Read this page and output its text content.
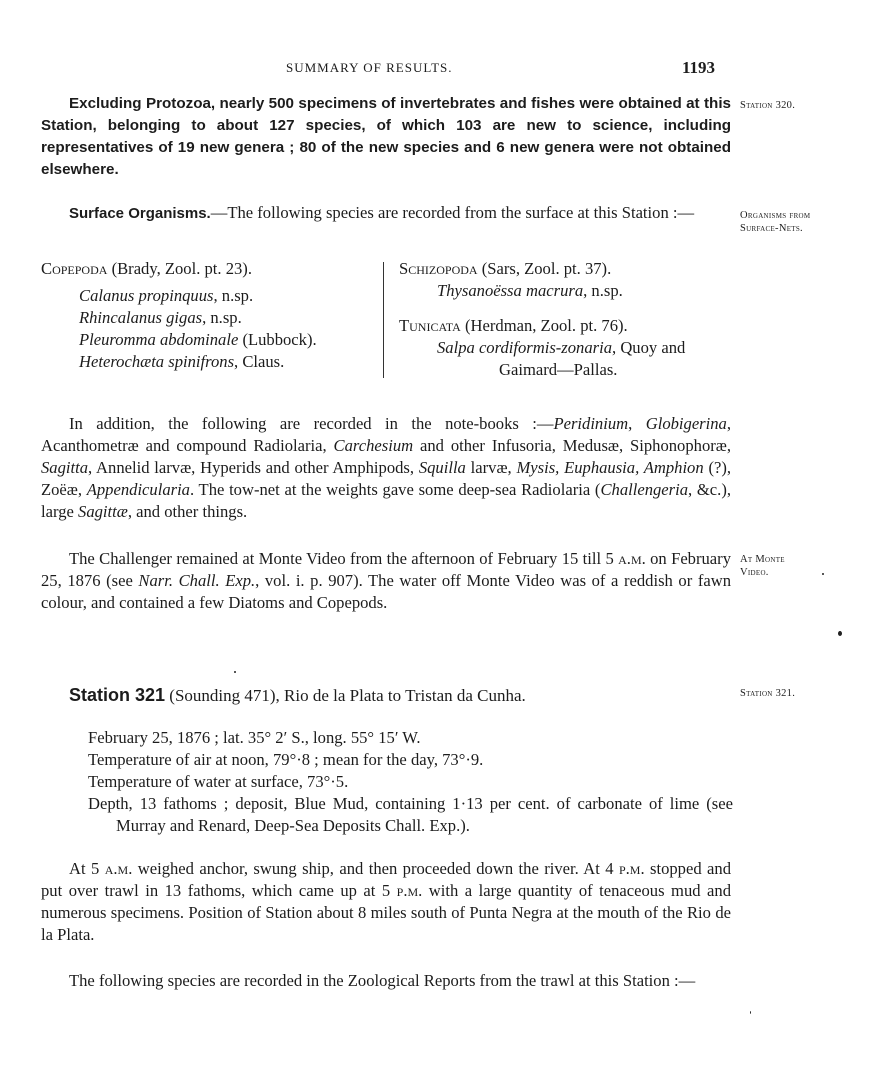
SUMMARY OF RESULTS.	1193
Station 320.

Excluding Protozoa, nearly 500 specimens of invertebrates and fishes were obtained at this Station, belonging to about 127 species, of which 103 are new to science, including representatives of 19 new genera ; 80 of the new species and 6 new genera were not obtained elsewhere.

Organisms from
Surface-Nets.

Surface Organisms.—The following species are recorded from the surface at this Station :—

Copepoda (Brady, Zool. pt. 23).
Calanus propinquus, n.sp.
Rhincalanus gigas, n.sp.
Pleuromma abdominale (Lubbock).
Heterochæta spinifrons, Claus.
Schizopoda (Sars, Zool. pt. 37).
Thysanoëssa macrura, n.sp.
Tunicata (Herdman, Zool. pt. 76).
Salpa cordiformis-zonaria, Quoy and
Gaimard—Pallas.

In addition, the following are recorded in the note-books :—Peridinium, Globigerina, Acanthometræ and compound Radiolaria, Carchesium and other Infusoria, Medusæ, Siphonophoræ, Sagitta, Annelid larvæ, Hyperids and other Amphipods, Squilla larvæ, Mysis, Euphausia, Amphion (?), Zoëæ, Appendicularia. The tow-net at the weights gave some deep-sea Radiolaria (Challengeria, &c.), large Sagittæ, and other things.

At Monte
Video.

The Challenger remained at Monte Video from the afternoon of February 15 till 5 a.m. on February 25, 1876 (see Narr. Chall. Exp., vol. i. p. 907). The water off Monte Video was of a reddish or fawn colour, and contained a few Diatoms and Copepods.

Station 321.
Station 321 (Sounding 471), Rio de la Plata to Tristan da Cunha.
February 25, 1876 ; lat. 35° 2′ S., long. 55° 15′ W.
Temperature of air at noon, 79°·8 ; mean for the day, 73°·9.
Temperature of water at surface, 73°·5.
Depth, 13 fathoms ; deposit, Blue Mud, containing 1·13 per cent. of carbonate of lime (see Murray and Renard, Deep-Sea Deposits Chall. Exp.).

At 5 a.m. weighed anchor, swung ship, and then proceeded down the river. At 4 p.m. stopped and put over trawl in 13 fathoms, which came up at 5 p.m. with a large quantity of tenaceous mud and numerous specimens. Position of Station about 8 miles south of Punta Negra at the mouth of the Rio de la Plata.

The following species are recorded in the Zoological Reports from the trawl at this Station :—
